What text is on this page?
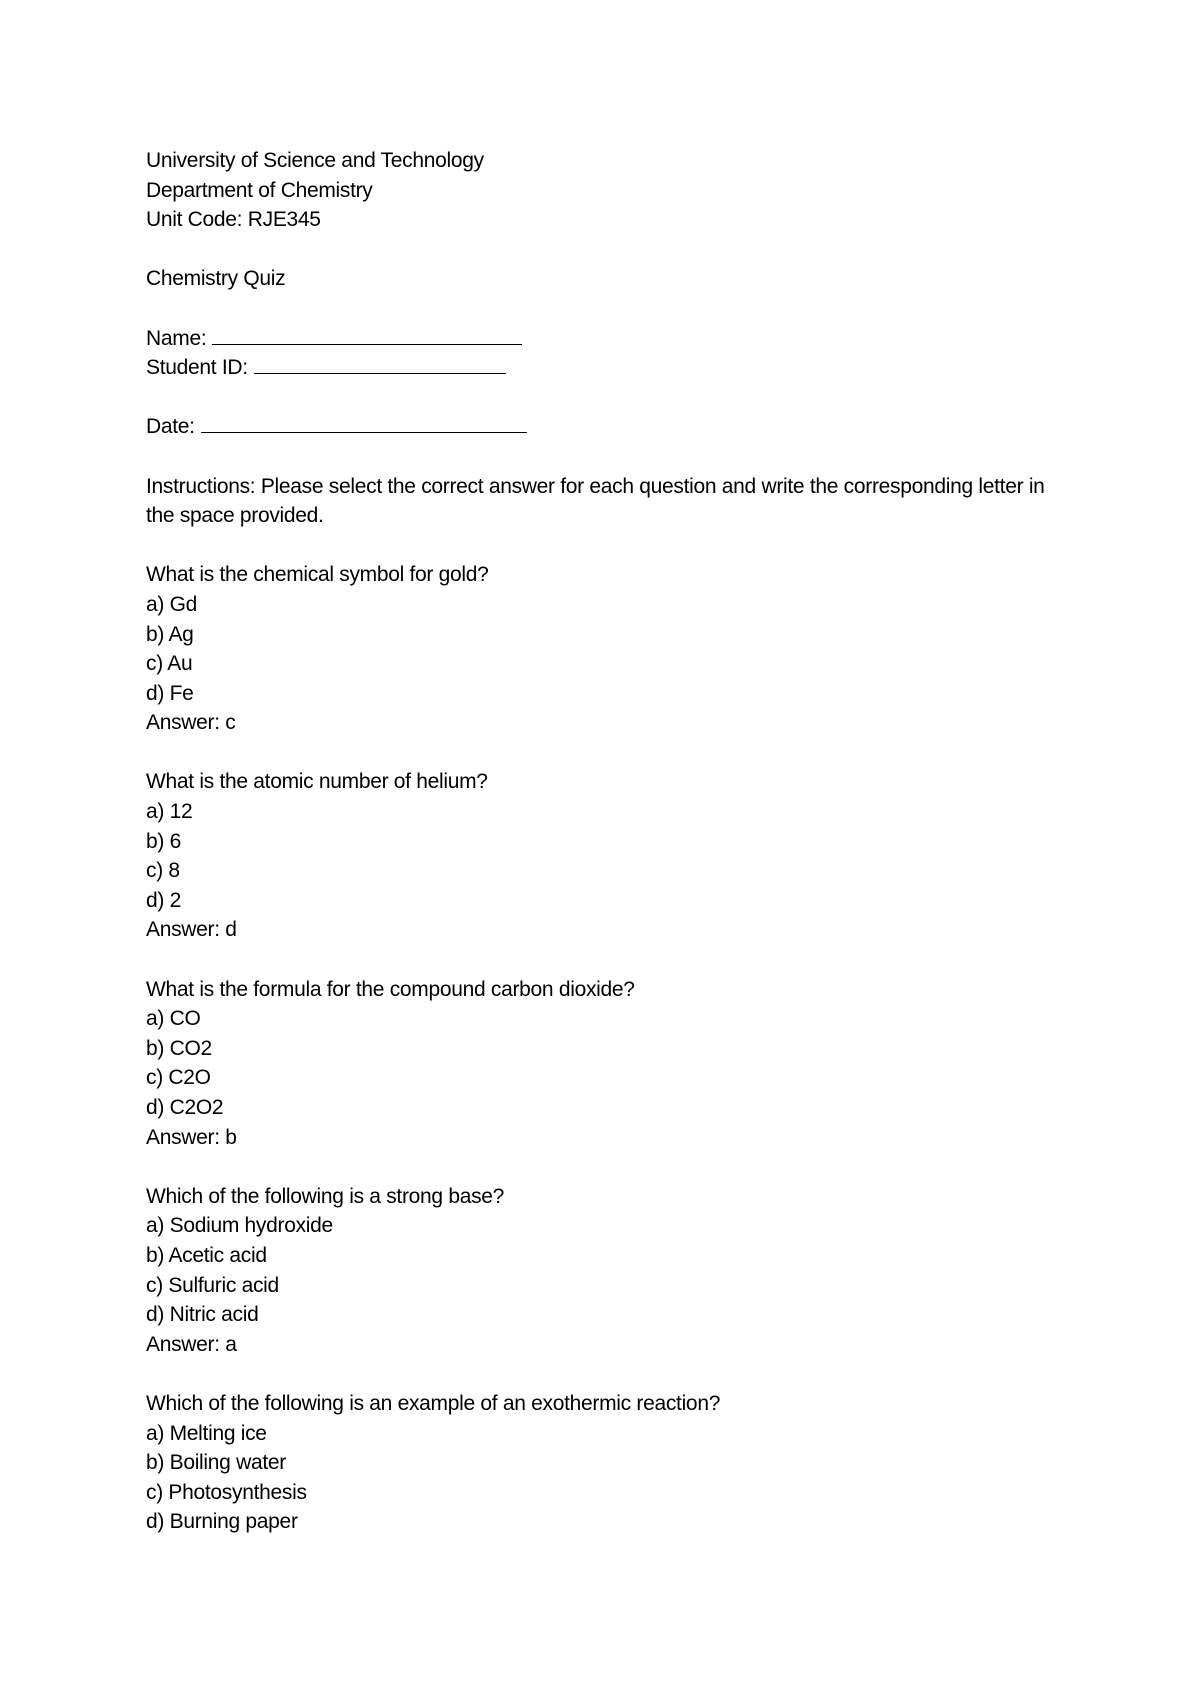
University of Science and Technology
Department of Chemistry
Unit Code: RJE345
Chemistry Quiz
Name:
Student ID:
Date:
Instructions: Please select the correct answer for each question and write the corresponding letter in the space provided.
What is the chemical symbol for gold?
a) Gd
b) Ag
c) Au
d) Fe
Answer: c
What is the atomic number of helium?
a) 12
b) 6
c) 8
d) 2
Answer: d
What is the formula for the compound carbon dioxide?
a) CO
b) CO2
c) C2O
d) C2O2
Answer: b
Which of the following is a strong base?
a) Sodium hydroxide
b) Acetic acid
c) Sulfuric acid
d) Nitric acid
Answer: a
Which of the following is an example of an exothermic reaction?
a) Melting ice
b) Boiling water
c) Photosynthesis
d) Burning paper
